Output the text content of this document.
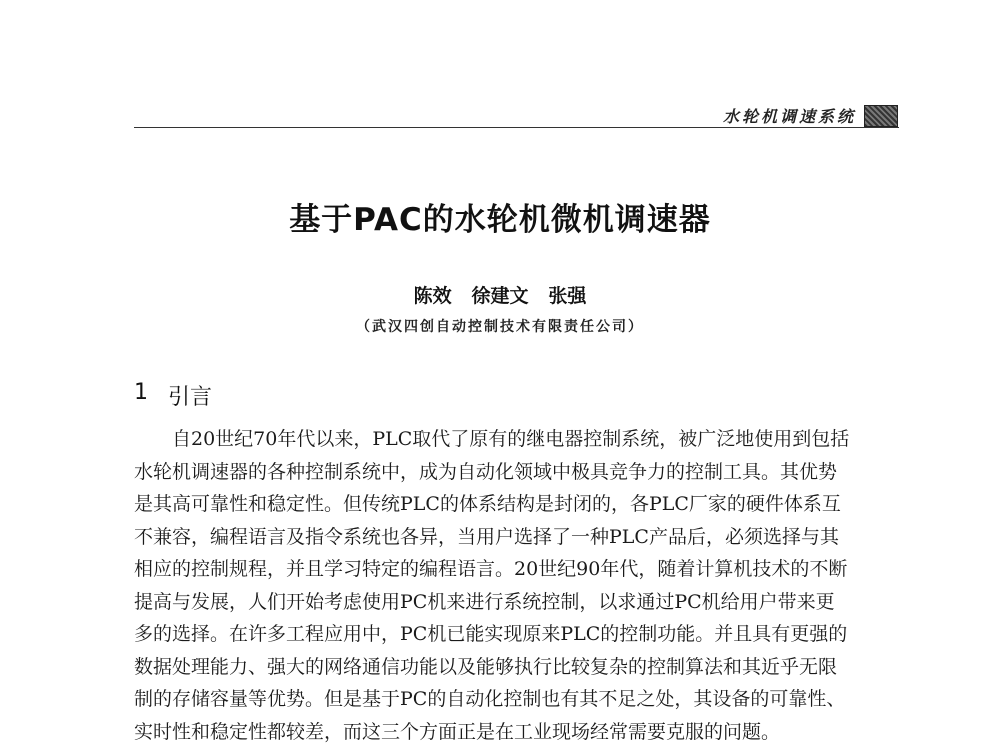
水轮机调速系统
基于PAC的水轮机微机调速器
陈效   徐建文   张强
（武汉四创自动控制技术有限责任公司）
1 引言
自20世纪70年代以来，PLC取代了原有的继电器控制系统，被广泛地使用到包括
水轮机调速器的各种控制系统中，成为自动化领域中极具竞争力的控制工具。其优势
是其高可靠性和稳定性。但传统PLC的体系结构是封闭的，各PLC厂家的硬件体系互
不兼容，编程语言及指令系统也各异，当用户选择了一种PLC产品后，必须选择与其
相应的控制规程，并且学习特定的编程语言。20世纪90年代，随着计算机技术的不断
提高与发展，人们开始考虑使用PC机来进行系统控制，以求通过PC机给用户带来更
多的选择。在许多工程应用中，PC机已能实现原来PLC的控制功能。并且具有更强的
数据处理能力、强大的网络通信功能以及能够执行比较复杂的控制算法和其近乎无限
制的存储容量等优势。但是基于PC的自动化控制也有其不足之处，其设备的可靠性、
实时性和稳定性都较差，而这三个方面正是在工业现场经常需要克服的问题。
